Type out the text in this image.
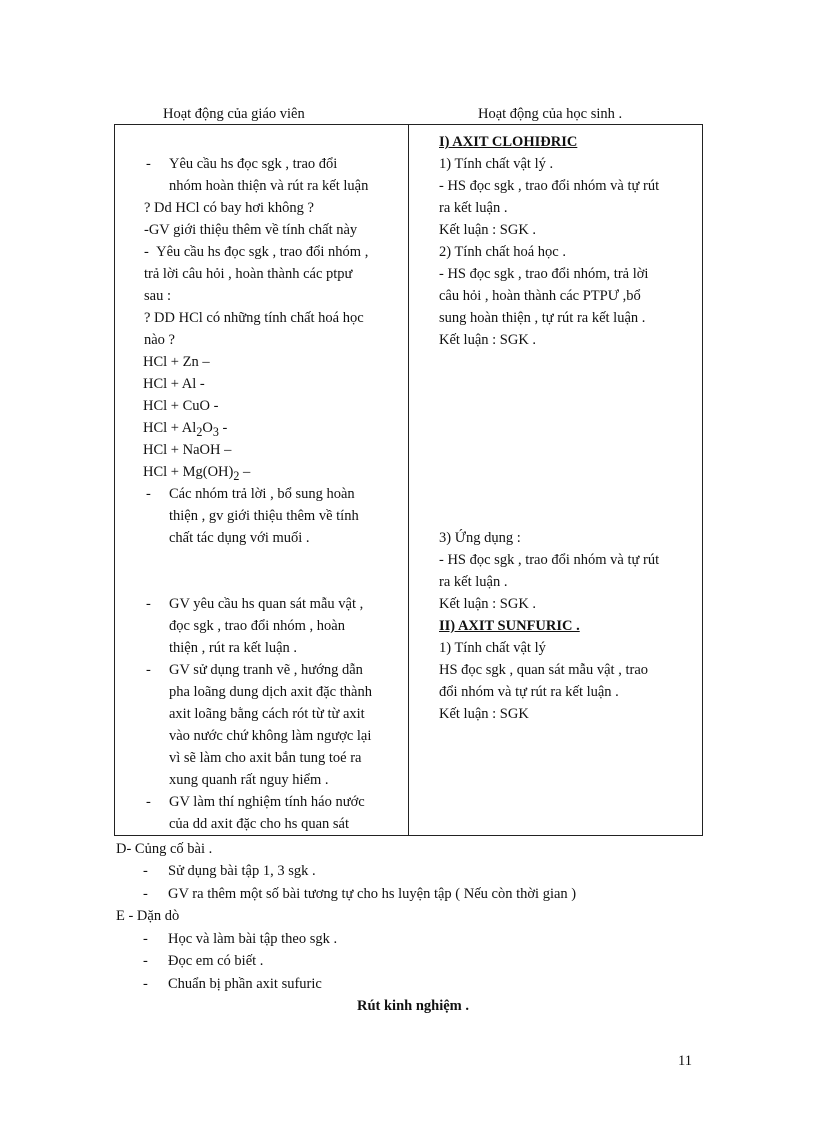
Hoạt động của giáo viên	Hoạt động của học sinh .
- Yêu cầu hs đọc sgk , trao đổi
nhóm hoàn thiện và rút ra kết luận
? Dd HCl có bay hơi không ?
-GV giới thiệu thêm về tính chất này
- Yêu cầu hs đọc sgk , trao đổi nhóm ,
trả lời câu hỏi , hoàn thành các ptpư
sau :
? DD HCl có những tính chất hoá học
nào ?
HCl + Zn –
HCl + Al -
HCl + CuO -
HCl + $Al_2O_3$ -
HCl + NaOH –
HCl + $Mg(OH)_2$ –
- Các nhóm trả lời , bổ sung hoàn
thiện , gv giới thiệu thêm về tính
chất tác dụng với muối .
- GV yêu cầu hs quan sát mẫu vật ,
đọc sgk , trao đổi nhóm , hoàn
thiện , rút ra kết luận .
- GV sử dụng tranh vẽ , hướng dẫn
pha loãng dung dịch axit đặc thành
axit loãng bằng cách rót từ từ axit
vào nước chứ không làm ngược lại
vì sẽ làm cho axit bắn tung toé ra
xung quanh rất nguy hiểm .
- GV làm thí nghiệm tính háo nước
của dd axit đặc cho hs quan sát
I) AXIT CLOHIĐRIC
1) Tính chất vật lý .
- HS đọc sgk , trao đổi nhóm và tự rút
ra kết luận .
Kết luận : SGK .
2) Tính chất hoá học .
- HS đọc sgk , trao đổi nhóm, trả lời
câu hỏi , hoàn thành các PTPƯ ,bổ
sung hoàn thiện , tự rút ra kết luận .
Kết luận : SGK .
3) Ứng dụng :
- HS đọc sgk , trao đổi nhóm và tự rút
ra kết luận .
Kết luận : SGK .
II) AXIT SUNFURIC .
1) Tính chất vật lý
HS đọc sgk , quan sát mẫu vật , trao
đổi nhóm và tự rút ra kết luận .
Kết luận : SGK
D- Củng cố bài .
- Sử dụng bài tập 1, 3 sgk .
- GV ra thêm một số bài tương tự cho hs luyện tập ( Nếu còn thời gian )
E - Dặn dò
- Học và làm bài tập theo sgk .
- Đọc em có biết .
- Chuẩn bị phần axit sufuric
Rút kinh nghiệm .
11
